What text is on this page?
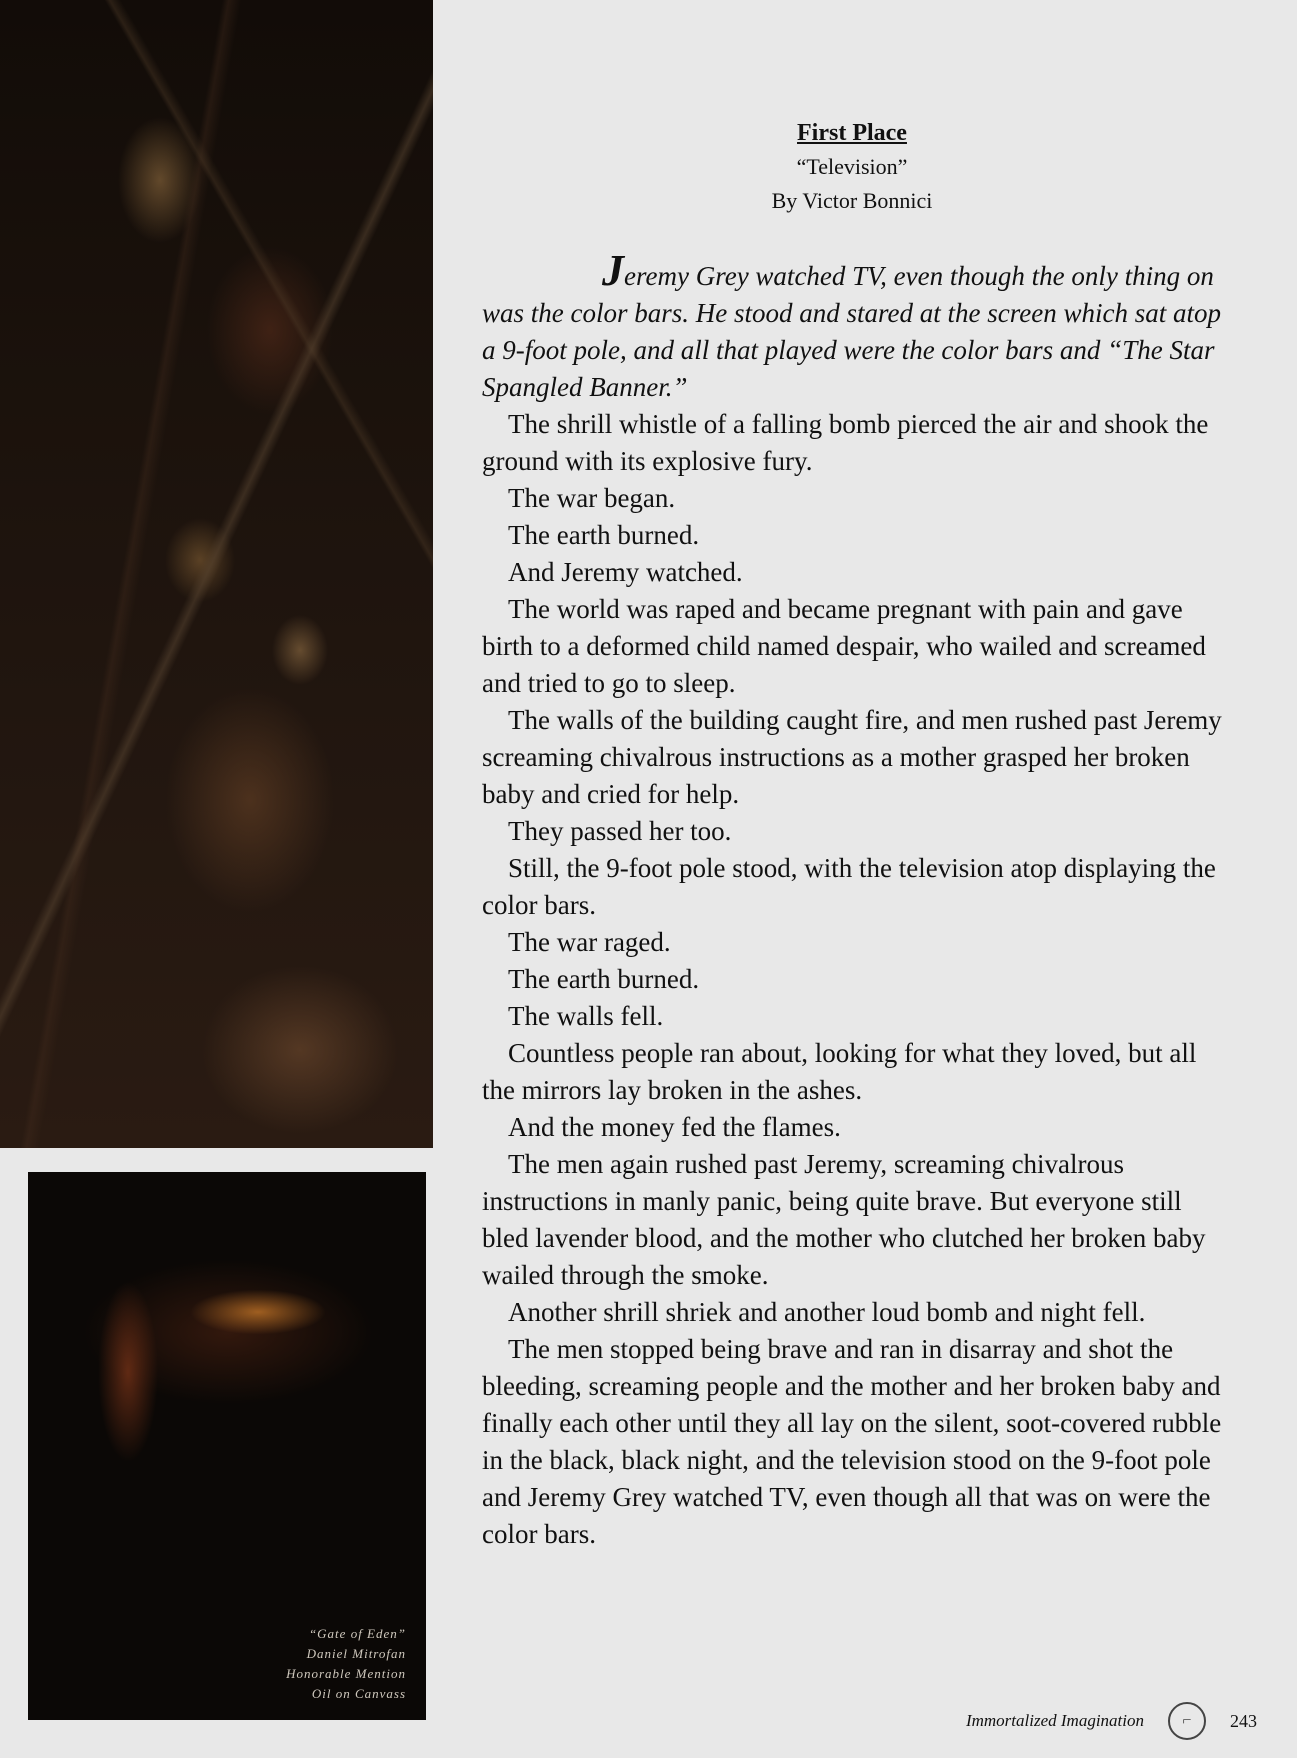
“Gate of Eden”
Daniel Mitrofan
Honorable Mention
Oil on Canvass
First Place
“Television”
By Victor Bonnici

Jeremy Grey watched TV, even though the only thing on was the color bars. He stood and stared at the screen which sat atop a 9-foot pole, and all that played were the color bars and “The Star Spangled Banner.”

The shrill whistle of a falling bomb pierced the air and shook the ground with its explosive fury.

The war began.

The earth burned.

And Jeremy watched.

The world was raped and became pregnant with pain and gave birth to a deformed child named despair, who wailed and screamed and tried to go to sleep.

The walls of the building caught fire, and men rushed past Jeremy screaming chivalrous instructions as a mother grasped her broken baby and cried for help.

They passed her too.

Still, the 9-foot pole stood, with the television atop displaying the color bars.

The war raged.

The earth burned.

The walls fell.

Countless people ran about, looking for what they loved, but all the mirrors lay broken in the ashes.

And the money fed the flames.

The men again rushed past Jeremy, screaming chivalrous instructions in manly panic, being quite brave. But everyone still bled lavender blood, and the mother who clutched her broken baby wailed through the smoke.

Another shrill shriek and another loud bomb and night fell.

The men stopped being brave and ran in disarray and shot the bleeding, screaming people and the mother and her broken baby and finally each other until they all lay on the silent, soot-covered rubble in the black, black night, and the television stood on the 9-foot pole and Jeremy Grey watched TV, even though all that was on were the color bars.

Immortalized Imagination	⌐	243
